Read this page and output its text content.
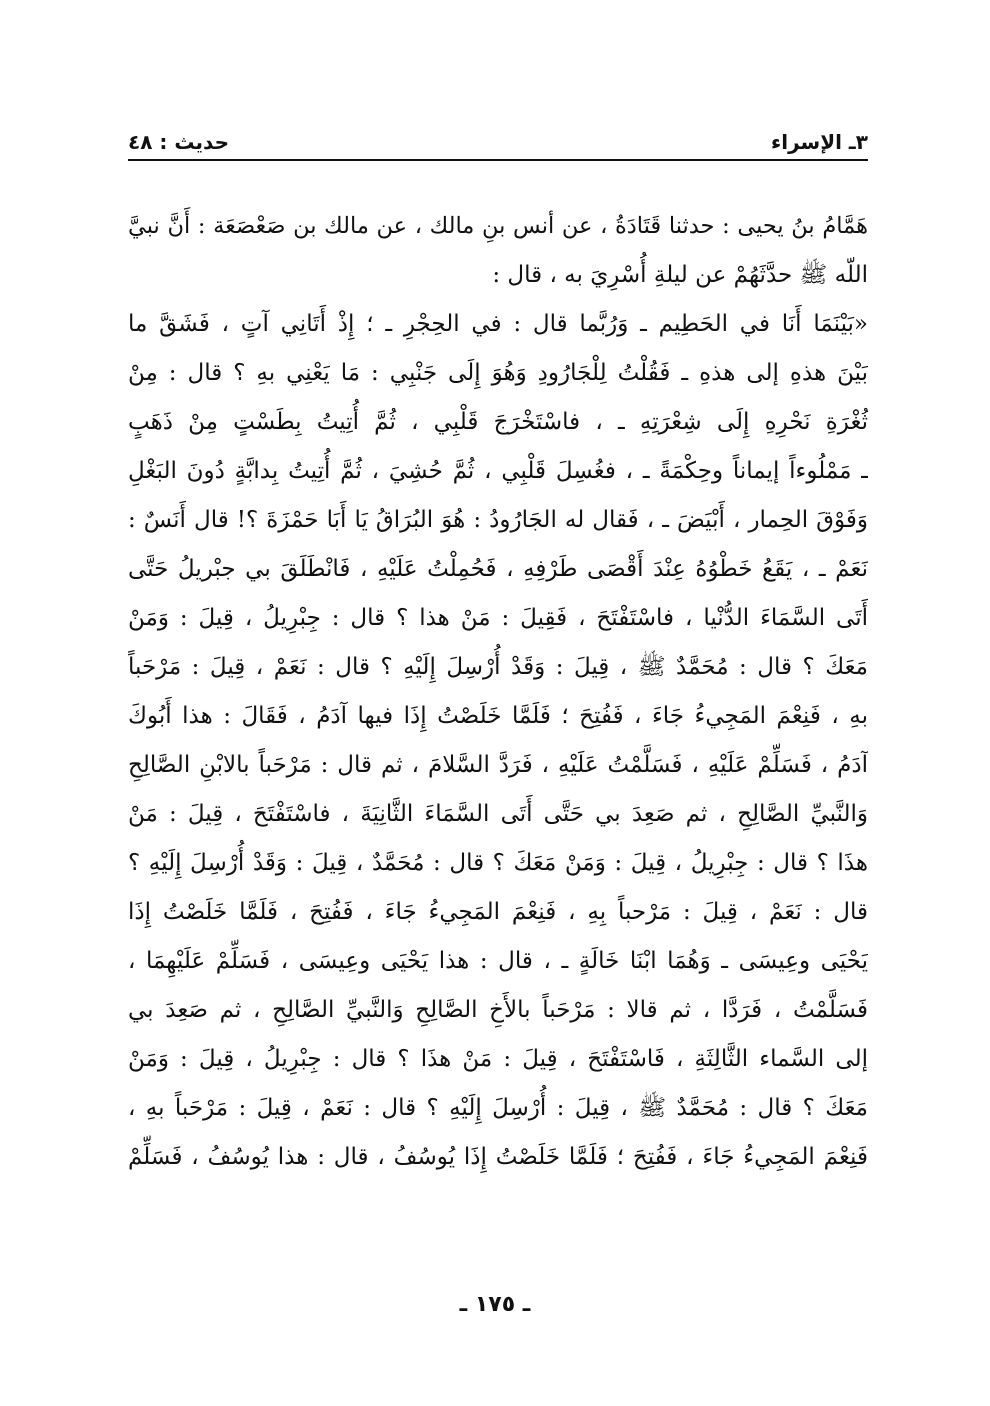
٣ـ الإسراء
حديث : ٤٨
هَمَّامُ بنُ يحيى : حدثنا قَتَادَةُ ، عن أنس بنِ مالك ، عن مالك بن صَعْصَعَة : أَنَّ نبيَّ
اللّه ﷺ حدَّثَهُمْ عن ليلةِ أُسْرِيَ به ، قال :
«بَيْنَمَا أَنَا في الحَطِيم ـ وَرُبَّما قال : في الحِجْرِ ـ ؛ إِذْ أَتَانِي آتٍ ، فَشَقَّ ما
بَيْنَ هذهِ إلى هذهِ ـ فَقُلْتُ لِلْجَارُودِ وَهُوَ إِلَى جَنْبِي : مَا يَعْنِي بهِ ؟ قال : مِنْ
ثُغْرَةِ نَحْرِهِ إِلَى شِعْرَتِهِ ـ ، فاسْتَخْرَجَ قَلْبِي ، ثُمَّ أُتِيتُ بِطَسْتٍ مِنْ ذَهَبٍ
ـ مَمْلُوءاً إيماناً وحِكْمَةً ـ ، فغُسِلَ قَلْبِي ، ثُمَّ حُشِيَ ، ثُمَّ أُتِيتُ بِدابَّةٍ دُونَ البَغْلِ
وَفَوْقَ الحِمار ، أَبْيَضَ ـ ، فَقال له الجَارُودُ : هُوَ البُرَاقُ يَا أَبَا حَمْزَةَ ؟! قال أَنَسٌ :
نَعَمْ ـ ، يَقَعُ خَطْوُهُ عِنْدَ أَقْصَى طَرْفِهِ ، فَحُمِلْتُ عَلَيْهِ ، فَانْطَلَقَ بي جبْريلُ حَتَّى
أَتَى السَّمَاءَ الدُّنْيا ، فاسْتَفْتَحَ ، فَقِيلَ : مَنْ هذا ؟ قال : جِبْرِيلُ ، قِيلَ : وَمَنْ
مَعَكَ ؟ قال : مُحَمَّدٌ ﷺ ، قِيلَ : وَقَدْ أُرْسِلَ إِلَيْهِ ؟ قال : نَعَمْ ، قِيلَ : مَرْحَباً
بهِ ، فَنِعْمَ المَجِيءُ جَاءَ ، فَفُتِحَ ؛ فَلَمَّا خَلَصْتُ إِذَا فيها آدَمُ ، فَقَالَ : هذا أَبُوكَ
آدَمُ ، فَسَلِّمْ عَلَيْهِ ، فَسَلَّمْتُ عَلَيْهِ ، فَرَدَّ السَّلامَ ، ثم قال : مَرْحَباً بالابْنِ الصَّالِحِ
وَالنَّبيِّ الصَّالِحِ ، ثم صَعِدَ بي حَتَّى أَتَى السَّمَاءَ الثَّانِيَةَ ، فاسْتَفْتَحَ ، قِيلَ : مَنْ
هذَا ؟ قال : جِبْرِيلُ ، قِيلَ : وَمَنْ مَعَكَ ؟ قال : مُحَمَّدٌ ، قِيلَ : وَقَدْ أُرْسِلَ إِلَيْهِ ؟
قال : نَعَمْ ، قِيلَ : مَرْحباً بِهِ ، فَنِعْمَ المَجِيءُ جَاءَ ، فَفُتِحَ ، فَلَمَّا خَلَصْتُ إِذَا
يَحْيَى وعِيسَى ـ وَهُمَا ابْنَا خَالَةٍ ـ ، قال : هذا يَحْيَى وعِيسَى ، فَسَلِّمْ عَلَيْهِمَا ،
فَسَلَّمْتُ ، فَرَدَّا ، ثم قالا : مَرْحَباً بالأَخِ الصَّالِحِ وَالنَّبيِّ الصَّالِحِ ، ثم صَعِدَ بي
إلى السَّماء الثَّالِثَةِ ، فَاسْتَفْتَحَ ، قِيلَ : مَنْ هذَا ؟ قال : جِبْرِيلُ ، قِيلَ : وَمَنْ
مَعَكَ ؟ قال : مُحَمَّدٌ ﷺ ، قِيلَ : أُرْسِلَ إِلَيْهِ ؟ قال : نَعَمْ ، قِيلَ : مَرْحَباً بهِ ،
فَنِعْمَ المَجِيءُ جَاءَ ، فَفُتِحَ ؛ فَلَمَّا خَلَصْتُ إِذَا يُوسُفُ ، قال : هذا يُوسُفُ ، فَسَلِّمْ
ـ ١٧٥ ـ
